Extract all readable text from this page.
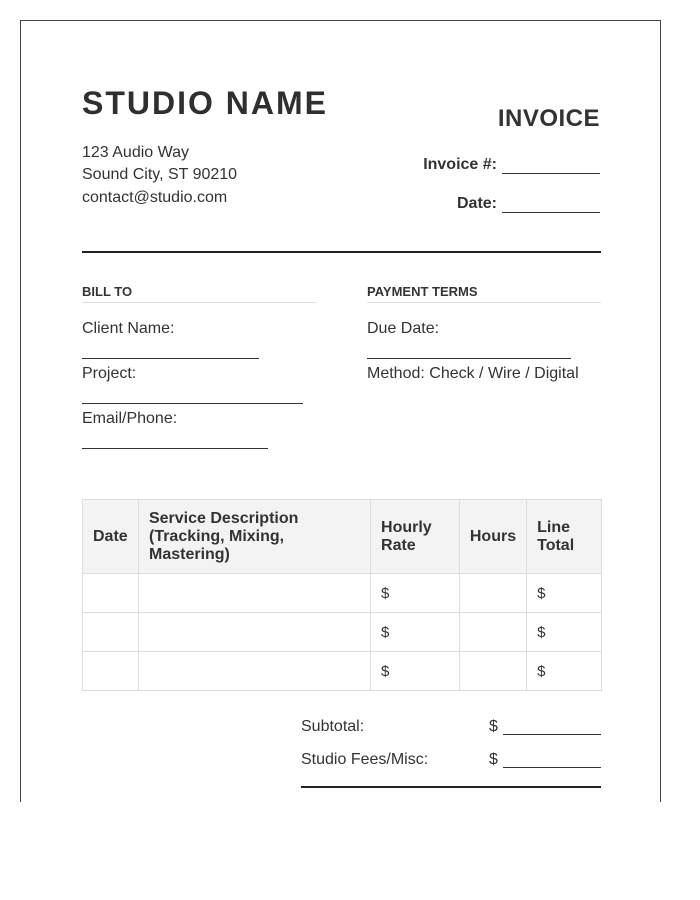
STUDIO NAME
123 Audio Way
Sound City, ST 90210
contact@studio.com
INVOICE
Invoice #:
Date:
BILL TO
Client Name:
Project:
Email/Phone:
PAYMENT TERMS
Due Date:
Method: Check / Wire / Digital
Date	Service Description (Tracking, Mixing, Mastering)	Hourly Rate	Hours	Line Total
		$		$
		$		$
		$		$
Subtotal:	$
Studio Fees/Misc:	$
